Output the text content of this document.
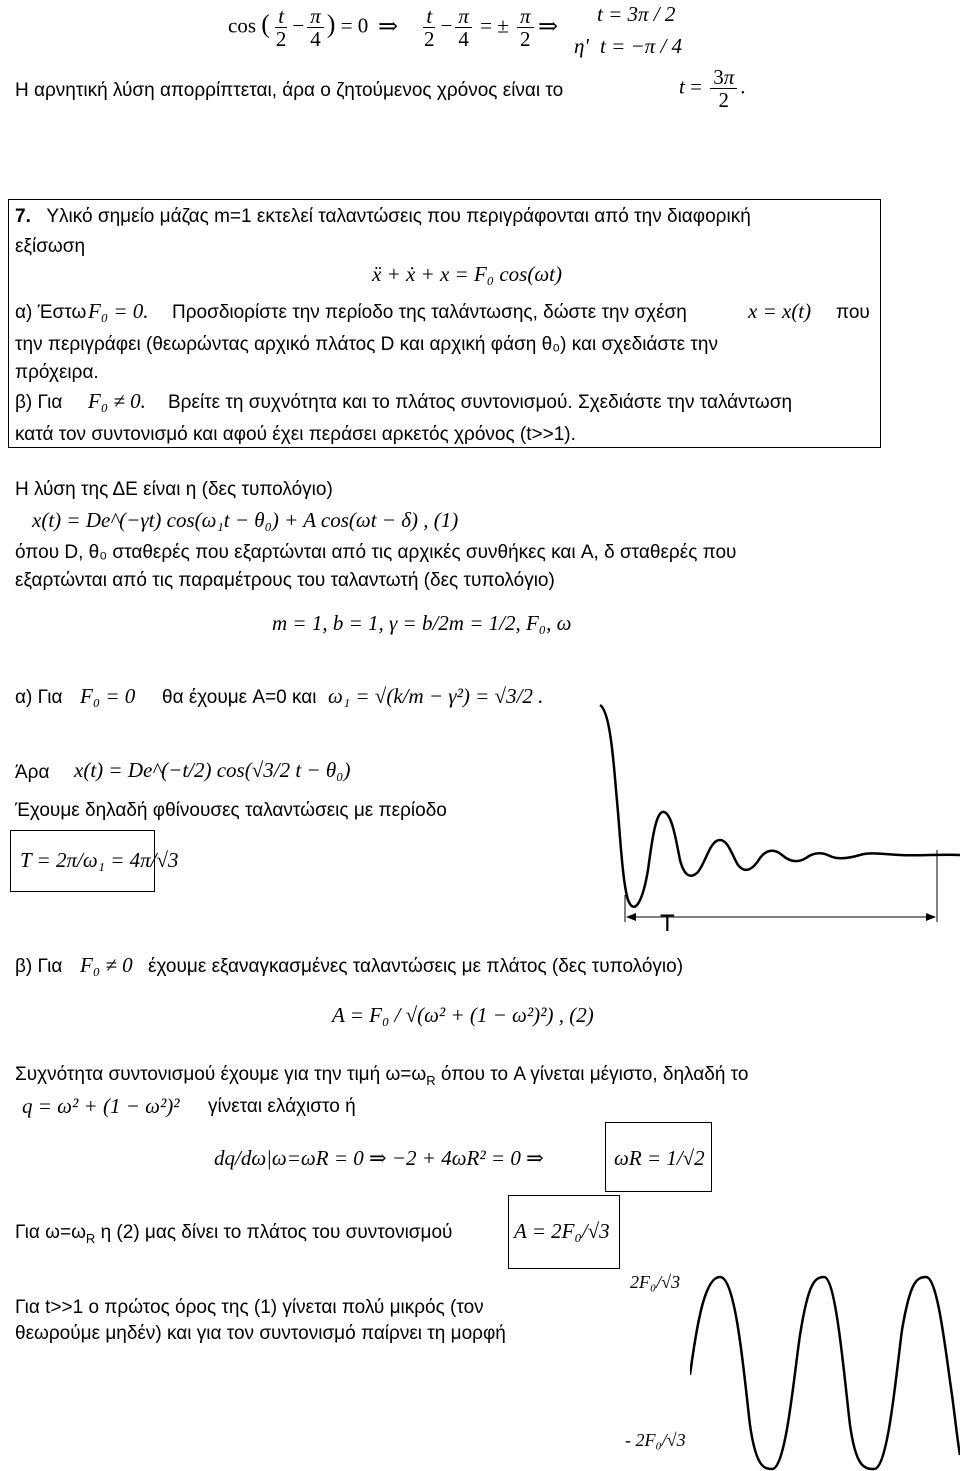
cos ( $\frac{t}{2} - \frac{\pi}{4}$ ) = 0 ⇒ $\frac{t}{2} - \frac{\pi}{4}$ = ± $\frac{\pi}{2}$ ⇒ t = 3π / 2
η' t = −π / 4
Η αρνητική λύση απορρίπτεται, άρα ο ζητούμενος χρόνος είναι το	$t = \frac{3\pi}{2}$ .
7. Υλικό σημείο μάζας m=1 εκτελεί ταλαντώσεις που περιγράφονται από την διαφορική
εξίσωση
ẍ + ẋ + x = F₀ cos(ωt)
α) Έστω F₀ = 0. Προσδιορίστε την περίοδο της ταλάντωσης, δώστε την σχέση	x = x(t) που
την περιγράφει (θεωρώντας αρχικό πλάτος D και αρχική φάση θ₀) και σχεδιάστε την
πρόχειρα.
β) Για F₀ ≠ 0. Βρείτε τη συχνότητα και το πλάτος συντονισμού. Σχεδιάστε την ταλάντωση
κατά τον συντονισμό και αφού έχει περάσει αρκετός χρόνος (t>>1).
Η λύση της ΔΕ είναι η (δες τυπολόγιο)
x(t) = De^(−γt) cos(ω₁t − θ₀) + A cos(ωt − δ) , (1)
όπου D, θ₀ σταθερές που εξαρτώνται από τις αρχικές συνθήκες και A, δ σταθερές που
εξαρτώνται από τις παραμέτρους του ταλαντωτή (δες τυπολόγιο)
m = 1, b = 1, γ = b/2m = 1/2, F₀, ω
α) Για F₀ = 0 θα έχουμε A=0 και ω₁ = √(k/m − γ²) = √3/2 .
Άρα x(t) = De^(−t/2) cos(√3/2 t − θ₀)
Έχουμε δηλαδή φθίνουσες ταλαντώσεις με περίοδο
T = 2π/ω₁ = 4π/√3
T
β) Για F₀ ≠ 0 έχουμε εξαναγκασμένες ταλαντώσεις με πλάτος (δες τυπολόγιο)
A = F₀ / √(ω² + (1 − ω²)²) , (2)
Συχνότητα συντονισμού έχουμε για την τιμή $\omega=\omega_R$ όπου το A γίνεται μέγιστο, δηλαδή το
q = ω² + (1 − ω²)² γίνεται ελάχιστο ή
dq/dω|ω=ωR = 0 ⇒ −2 + 4ωR² = 0 ⇒	ωR = 1/√2
Για $\omega=\omega_R$ η (2) μας δίνει το πλάτος του συντονισμού	A = 2F₀/√3
Για t>>1 ο πρώτος όρος της (1) γίνεται πολύ μικρός (τον
θεωρούμε μηδέν) και για τον συντονισμό παίρνει τη μορφή
2F₀/√3
- 2F₀/√3
